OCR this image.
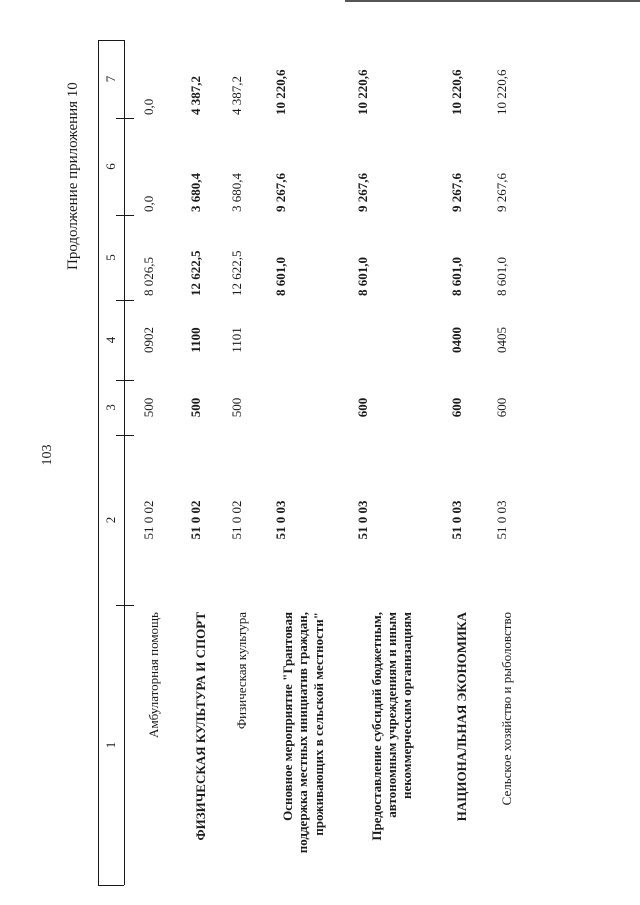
103
Продолжение приложения 10
1
2
3
4
5
6
7
Амбулаторная помощь
51 0 02
500
0902
8 026,5
0,0
0,0
ФИЗИЧЕСКАЯ КУЛЬТУРА И СПОРТ
51 0 02
500
1100
12 622,5
3 680,4
4 387,2
Физическая культура
51 0 02
500
1101
12 622,5
3 680,4
4 387,2
Основное мероприятие "Грантовая поддержка местных инициатив граждан, проживающих в сельской местности"
51 0 03
8 601,0
9 267,6
10 220,6
Предоставление субсидий бюджетным, автономным учреждениям и иным некоммерческим организациям
51 0 03
600
8 601,0
9 267,6
10 220,6
НАЦИОНАЛЬНАЯ ЭКОНОМИКА
51 0 03
600
0400
8 601,0
9 267,6
10 220,6
Сельское хозяйство и рыболовство
51 0 03
600
0405
8 601,0
9 267,6
10 220,6
